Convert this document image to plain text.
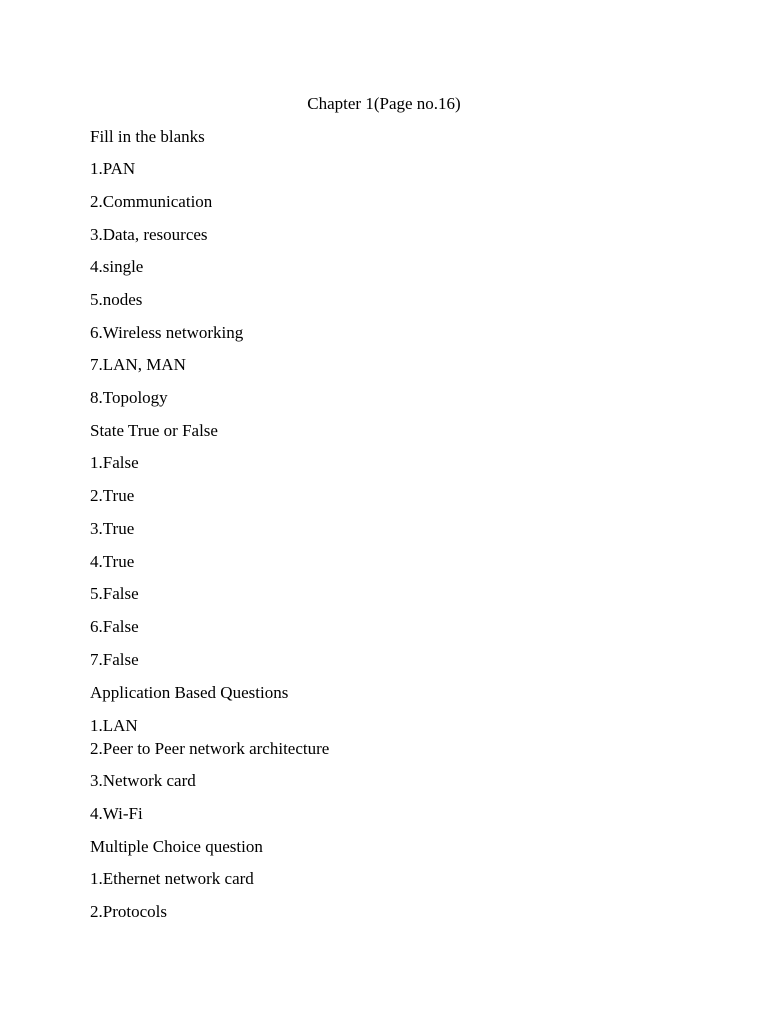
Chapter 1(Page no.16)
Fill in the blanks
1.PAN
2.Communication
3.Data, resources
4.single
5.nodes
6.Wireless networking
7.LAN, MAN
8.Topology
State True or False
1.False
2.True
3.True
4.True
5.False
6.False
7.False
Application Based Questions
1.LAN
2.Peer to Peer network architecture
3.Network card
4.Wi-Fi
Multiple Choice question
1.Ethernet network card
2.Protocols
